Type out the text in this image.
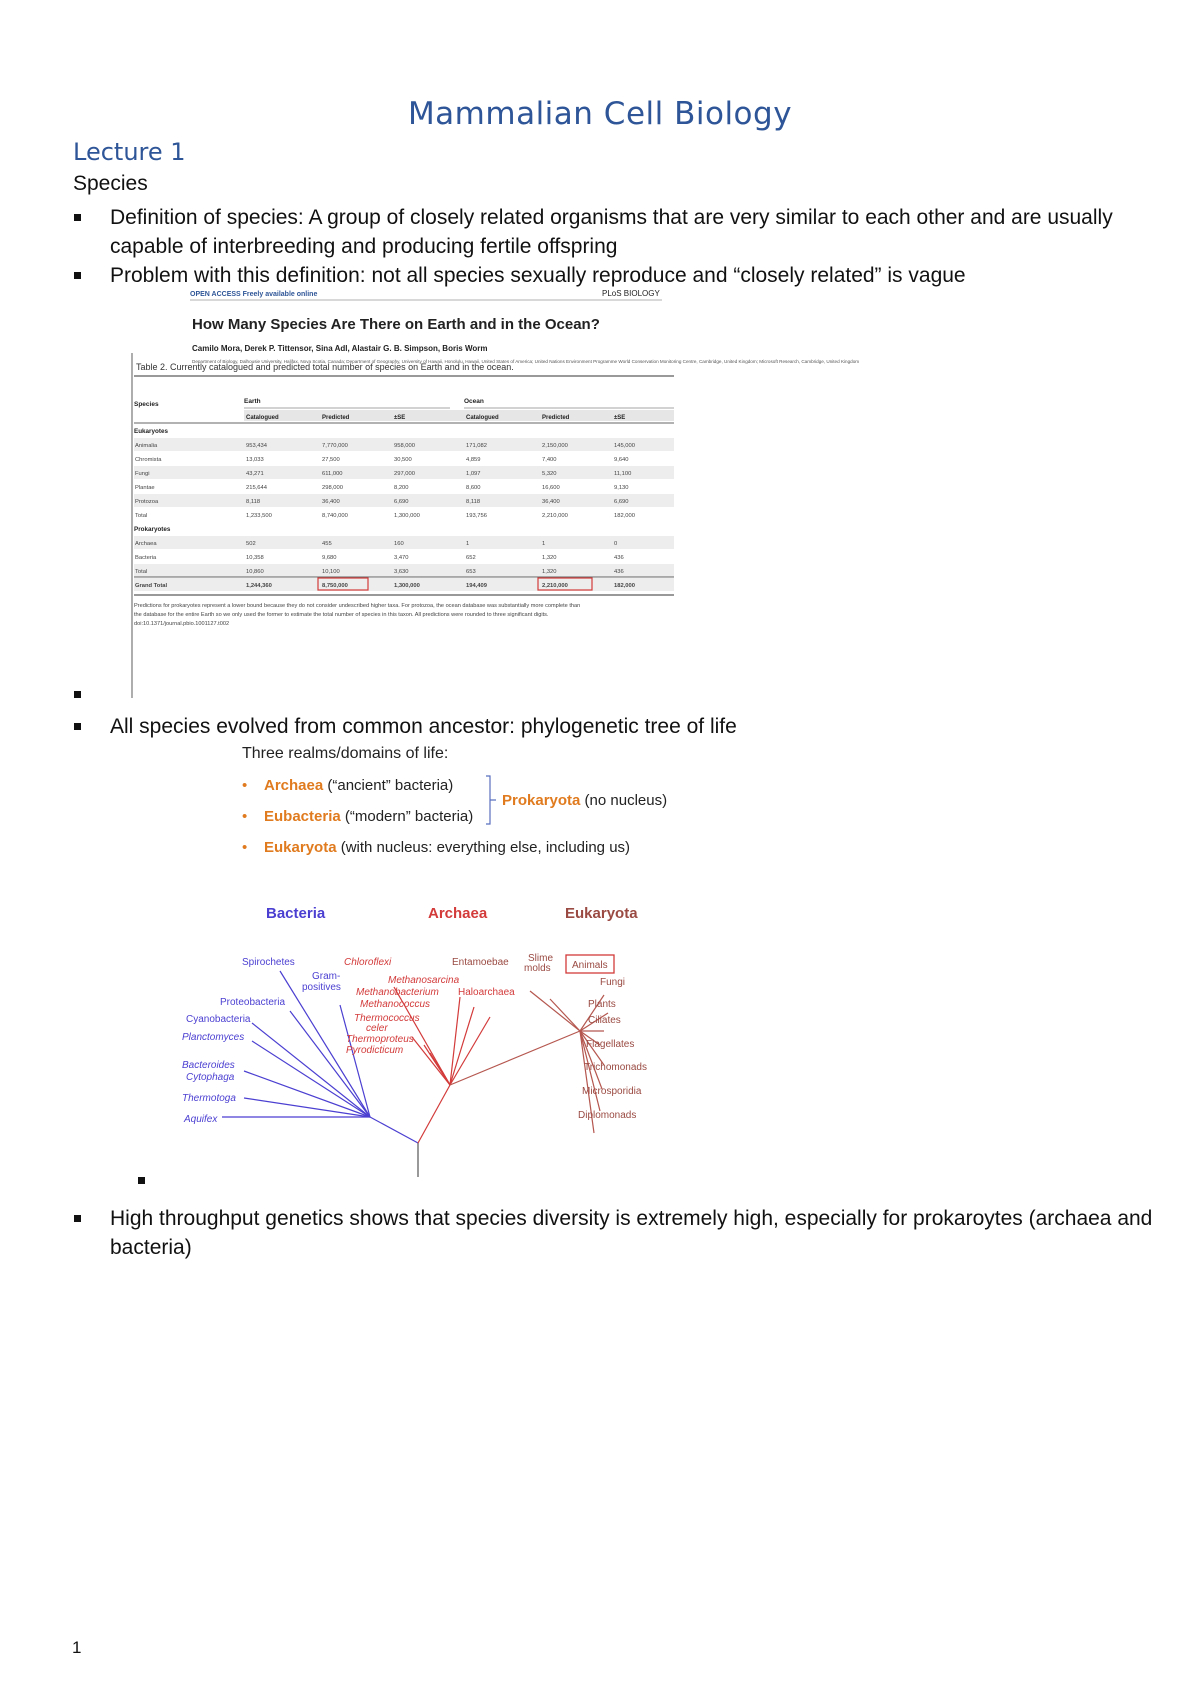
Mammalian Cell Biology
Lecture 1
Species
Definition of species: A group of closely related organisms that are very similar to each other and are usually capable of interbreeding and producing fertile offspring
Problem with this definition: not all species sexually reproduce and “closely related” is vague
OPEN ACCESS Freely available online	PLoS BIOLOGY
How Many Species Are There on Earth and in the Ocean?
Camilo Mora, Derek P. Tittensor, Sina Adl, Alastair G. B. Simpson, Boris Worm
Department of Biology, Dalhousie University, Halifax, Nova Scotia, Canada; Department of Geography, University of Hawaii, Honolulu, Hawaii, United States of America; United Nations Environment Programme World Conservation Monitoring Centre, Cambridge, United Kingdom; Microsoft Research, Cambridge, United Kingdom
Species	Earth	Ocean
Catalogued	Predicted	±SE	Catalogued	Predicted	±SE
Eukaryotes
Animalia	953,434	7,770,000	958,000	171,082	2,150,000	145,000
Chromista	13,033	27,500	30,500	4,859	7,400	9,640
Fungi	43,271	611,000	297,000	1,097	5,320	11,100
Plantae	215,644	298,000	8,200	8,600	16,600	9,130
Protozoa	8,118	36,400	6,690	8,118	36,400	6,690
Total	1,233,500	8,740,000	1,300,000	193,756	2,210,000	182,000
Prokaryotes
Archaea	502	455	160	1	1	0
Bacteria	10,358	9,680	3,470	652	1,320	436
Total	10,860	10,100	3,630	653	1,320	436
Grand Total	1,244,360	8,750,000	1,300,000	194,409	2,210,000	182,000
Predictions for prokaryotes represent a lower bound because they do not consider undescribed higher taxa. For protozoa, the ocean database was substantially more complete than
the database for the entire Earth so we only used the former to estimate the total number of species in this taxon. All predictions were rounded to three significant digits.
doi:10.1371/journal.pbio.1001127.t002
Table 2. Currently catalogued and predicted total number of species on Earth and in the ocean.
All species evolved from common ancestor: phylogenetic tree of life
Three realms/domains of life:
• Archaea (“ancient” bacteria)
• Eubacteria (“modern” bacteria)
• Eukaryota (with nucleus: everything else, including us)
Prokaryota (no nucleus)
Bacteria	Archaea	Eukaryota
Spirochetes
Gram-
positives
Proteobacteria
Cyanobacteria
Planctomyces
Bacteroides
Cytophaga
Thermotoga
Aquifex
Chloroflexi
Methanosarcina
Methanobacterium
Methanococcus
Thermococcus
celer
Thermoproteus
Pyrodicticum
Haloarchaea
Entamoebae Slime
molds Animals
Fungi
Plants
Ciliates
Flagellates
Trichomonads
Microsporidia
Diplomonads
High throughput genetics shows that species diversity is extremely high, especially for prokaroytes (archaea and bacteria)
1
